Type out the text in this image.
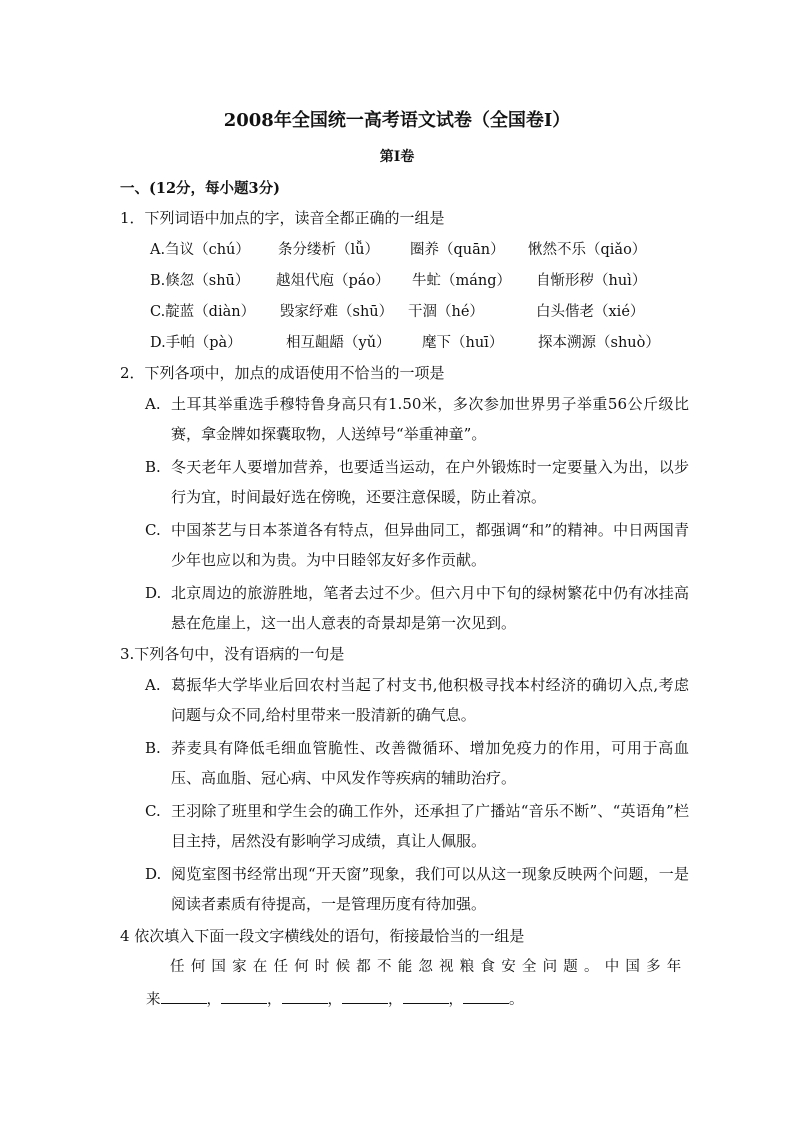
2008年全国统一高考语文试卷（全国卷Ⅰ）
第I卷
一、(12分，每小题3分)
1．下列词语中加点的字，读音全都正确的一组是
A.刍议（chú） 条分缕析（lǚ） 圈养（quān） 愀然不乐（qiǎo）
B.倏忽（shū） 越俎代庖（páo） 牛虻（máng） 自惭形秽（huì）
C.靛蓝（diàn） 毁家纾难（shū） 干涸（hé）	白头偕老（xié）
D.手帕（pà）	相互龃龉（yǔ） 麾下（huī） 探本溯源（shuò）
2．下列各项中，加点的成语使用不恰当的一项是
A. 土耳其举重选手穆特鲁身高只有1.50米，多次参加世界男子举重56公斤级比赛，拿金牌如探囊取物，人送绰号“举重神童”。
B. 冬天老年人要增加营养，也要适当运动，在户外锻炼时一定要量入为出，以步行为宜，时间最好选在傍晚，还要注意保暖，防止着凉。
C. 中国茶艺与日本茶道各有特点，但异曲同工，都强调“和”的精神。中日两国青少年也应以和为贵。为中日睦邻友好多作贡献。
D. 北京周边的旅游胜地，笔者去过不少。但六月中下旬的绿树繁花中仍有冰挂高悬在危崖上，这一出人意表的奇景却是第一次见到。
3.下列各句中，没有语病的一句是
A. 葛振华大学毕业后回农村当起了村支书,他积极寻找本村经济的确切入点,考虑问题与众不同,给村里带来一股清新的确气息。
B. 荞麦具有降低毛细血管脆性、改善微循环、增加免疫力的作用，可用于高血压、高血脂、冠心病、中风发作等疾病的辅助治疗。
C. 王羽除了班里和学生会的确工作外，还承担了广播站“音乐不断”、“英语角”栏目主持，居然没有影响学习成绩，真让人佩服。
D. 阅览室图书经常出现“开天窗”现象，我们可以从这一现象反映两个问题，一是阅读者素质有待提高，一是管理历度有待加强。
4 依次填入下面一段文字横线处的语句，衔接最恰当的一组是
任何国家在任何时候都不能忽视粮食安全问题。中国多年
来	，	，	，	，	，	。
